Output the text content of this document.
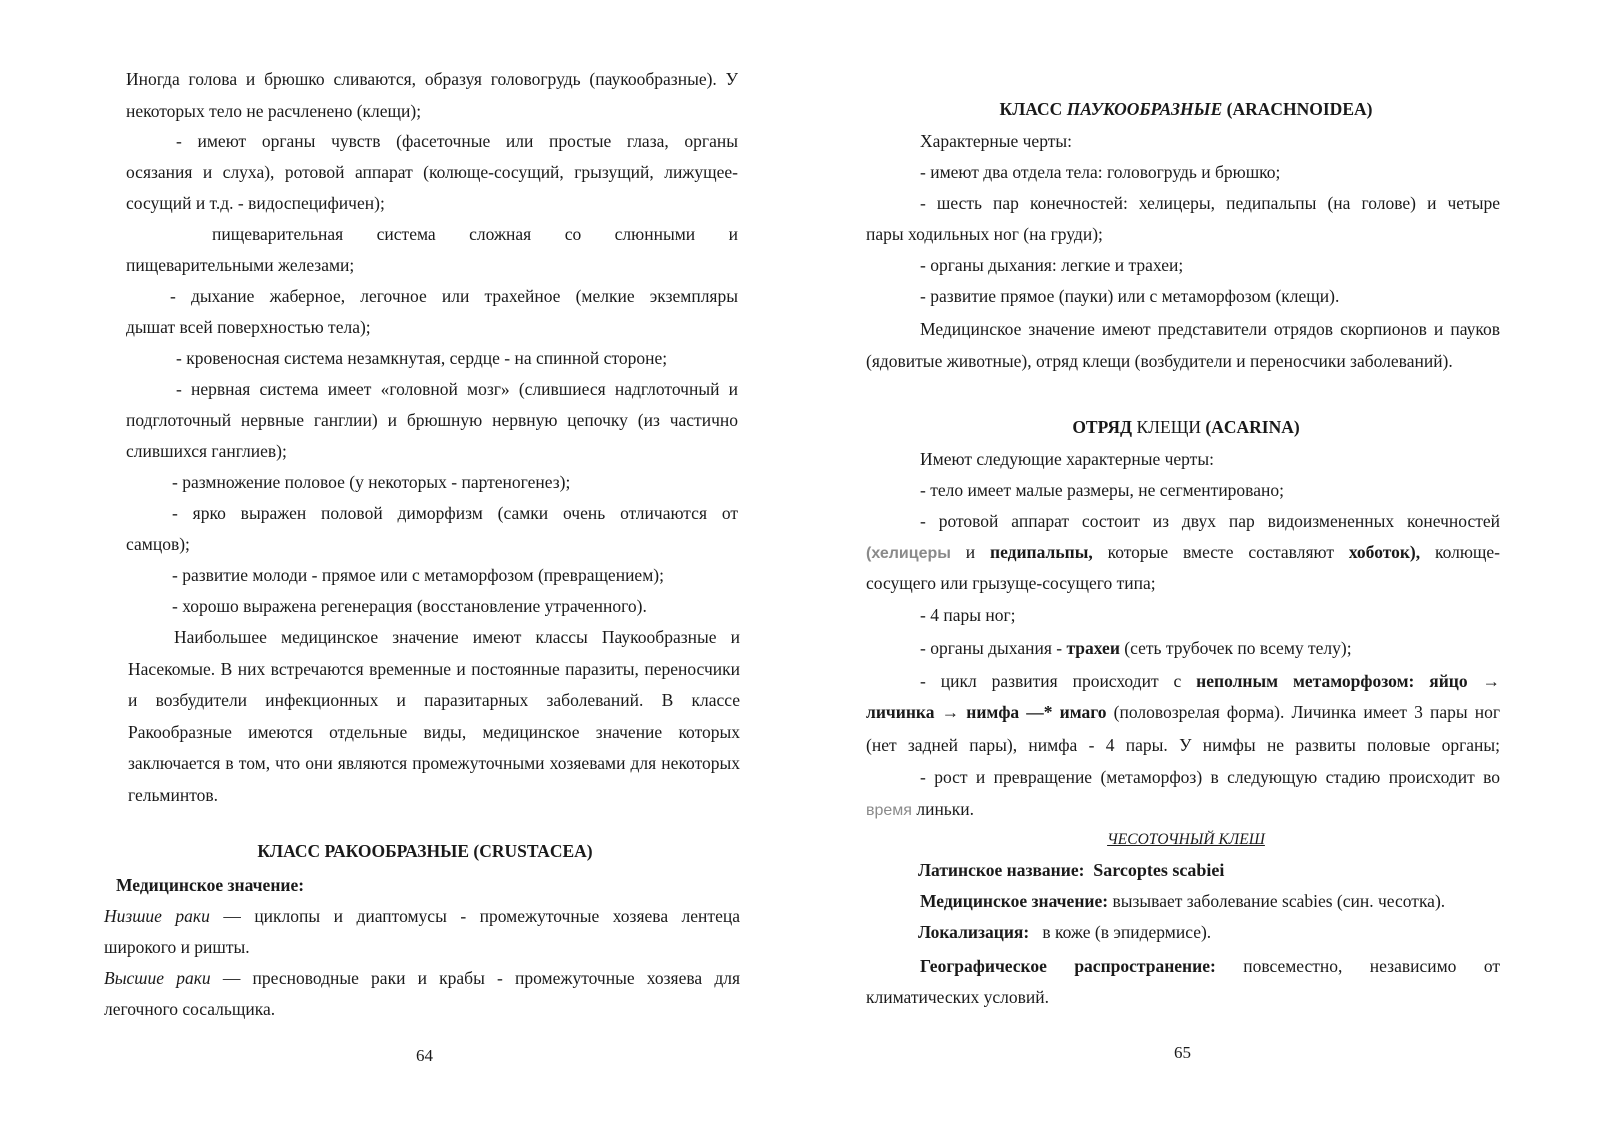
Иногда голова и брюшко сливаются, образуя головогрудь (паукообразные). У некоторых тело не расчленено (клещи);

- имеют органы чувств (фасеточные или простые глаза, органы

осязания и слуха), ротовой аппарат (колюще-сосущий, грызущий, лижущее-

сосущий и т.д. - видоспецифичен);

пищеварительная система сложная со слюнными и

пищеварительными железами;

- дыхание жаберное, легочное или трахейное (мелкие экземпляры

дышат всей поверхностью тела);

- кровеносная система незамкнутая, сердце - на спинной стороне;

- нервная система имеет «головной мозг» (слившиеся надглоточный и

подглоточный нервные ганглии) и брюшную нервную цепочку (из частично

слившихся ганглиев);

- размножение половое (у некоторых - партеногенез);

- ярко выражен половой диморфизм (самки очень отличаются от

самцов);

- развитие молоди - прямое или с метаморфозом (превращением);

- хорошо выражена регенерация (восстановление утраченного).

Наибольшее медицинское значение имеют классы Паукообразные и Насекомые. В них встречаются временные и постоянные паразиты, переносчики и возбудители инфекционных и паразитарных заболеваний. В классе Ракообразные имеются отдельные виды, медицинское значение которых заключается в том, что они являются промежуточными хозяевами для некоторых гельминтов.

КЛАСС РАКООБРАЗНЫЕ (CRUSTACEA)

Медицинское значение:

Низшие раки — циклопы и диаптомусы - промежуточные хозяева лентеца

широкого и ришты.

Высшие раки — пресноводные раки и крабы - промежуточные хозяева для

легочного сосальщика.

64

КЛАСС ПАУКООБРАЗНЫЕ (ARACHNOIDEA)

Характерные черты:

- имеют два отдела тела: головогрудь и брюшко;

- шесть пар конечностей: хелицеры, педипальпы (на голове) и четыре

пары ходильных ног (на груди);

- органы дыхания: легкие и трахеи;

- развитие прямое (пауки) или с метаморфозом (клещи).

Медицинское значение имеют представители отрядов скорпионов и пауков (ядовитые животные), отряд клещи (возбудители и переносчики заболеваний).

ОТРЯД КЛЕЩИ (ACARINA)

Имеют следующие характерные черты:

- тело имеет малые размеры, не сегментировано;

- ротовой аппарат состоит из двух пар видоизмененных конечностей

(хелицеры и педипальпы, которые вместе составляют хоботок), колюще-

сосущего или грызуще-сосущего типа;

- 4 пары ног;

- органы дыхания - трахеи (сеть трубочек по всему телу);

- цикл развития происходит с неполным метаморфозом: яйцо →

личинка → нимфа —* имаго (половозрелая форма). Личинка имеет 3 пары ног

(нет задней пары), нимфа - 4 пары. У нимфы не развиты половые органы;

- рост и превращение (метаморфоз) в следующую стадию происходит во

время линьки.

ЧЕСОТОЧНЫЙ КЛЕШ

Латинское название: Sarcoptes scabiei

Медицинское значение: вызывает заболевание scabies (син. чесотка).

Локализация: в коже (в эпидермисе).

Географическое распространение: повсеместно, независимо от

климатических условий.

65
